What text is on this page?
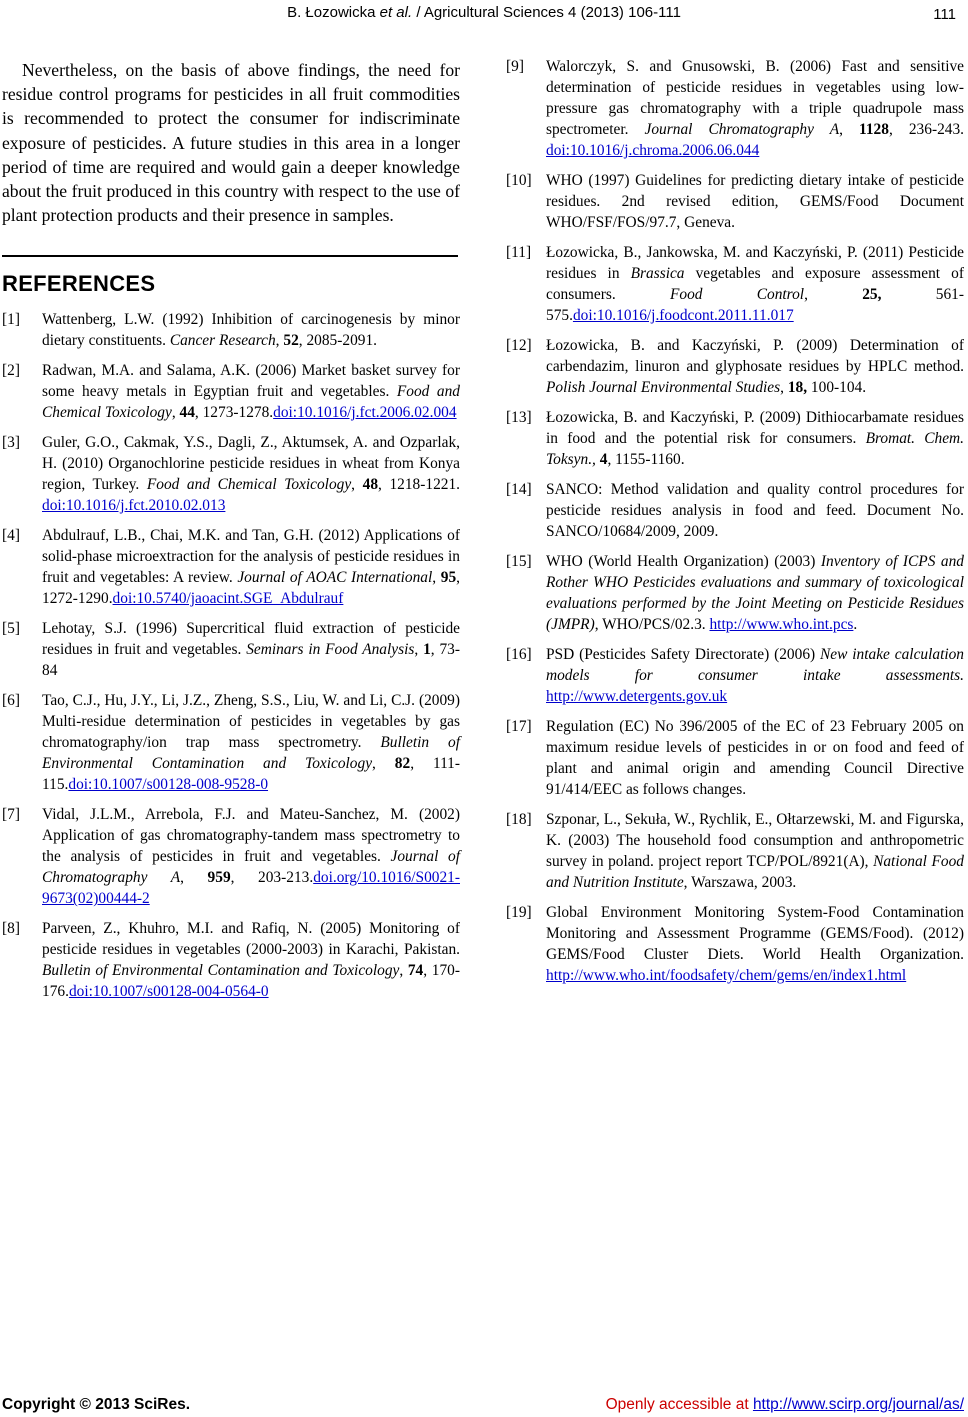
B. Łozowicka et al. / Agricultural Sciences 4 (2013) 106-111	111

Nevertheless, on the basis of above findings, the need for residue control programs for pesticides in all fruit commodities is recommended to protect the consumer for indiscriminate exposure of pesticides. A future studies in this area in a longer period of time are required and would gain a deeper knowledge about the fruit produced in this country with respect to the use of plant protection products and their presence in samples.

REFERENCES
[1]	Wattenberg, L.W. (1992) Inhibition of carcinogenesis by minor dietary constituents. Cancer Research, 52, 2085-2091.
[2]	Radwan, M.A. and Salama, A.K. (2006) Market basket survey for some heavy metals in Egyptian fruit and vegetables. Food and Chemical Toxicology, 44, 1273-1278.doi:10.1016/j.fct.2006.02.004
[3]	Guler, G.O., Cakmak, Y.S., Dagli, Z., Aktumsek, A. and Ozparlak, H. (2010) Organochlorine pesticide residues in wheat from Konya region, Turkey. Food and Chemical Toxicology, 48, 1218-1221. doi:10.1016/j.fct.2010.02.013
[4]	Abdulrauf, L.B., Chai, M.K. and Tan, G.H. (2012) Applications of solid-phase microextraction for the analysis of pesticide residues in fruit and vegetables: A review. Journal of AOAC International, 95, 1272-1290.doi:10.5740/jaoacint.SGE_Abdulrauf
[5]	Lehotay, S.J. (1996) Supercritical fluid extraction of pesticide residues in fruit and vegetables. Seminars in Food Analysis, 1, 73-84
[6]	Tao, C.J., Hu, J.Y., Li, J.Z., Zheng, S.S., Liu, W. and Li, C.J. (2009) Multi-residue determination of pesticides in vegetables by gas chromatography/ion trap mass spectrometry. Bulletin of Environmental Contamination and Toxicology, 82, 111-115.doi:10.1007/s00128-008-9528-0
[7]	Vidal, J.L.M., Arrebola, F.J. and Mateu-Sanchez, M. (2002) Application of gas chromatography-tandem mass spectrometry to the analysis of pesticides in fruit and vegetables. Journal of Chromatography A, 959, 203-213.doi.org/10.1016/S0021-9673(02)00444-2
[8]	Parveen, Z., Khuhro, M.I. and Rafiq, N. (2005) Monitoring of pesticide residues in vegetables (2000-2003) in Karachi, Pakistan. Bulletin of Environmental Contamination and Toxicology, 74, 170-176.doi:10.1007/s00128-004-0564-0
[9]	Walorczyk, S. and Gnusowski, B. (2006) Fast and sensitive determination of pesticide residues in vegetables using low-pressure gas chromatography with a triple quadrupole mass spectrometer. Journal Chromatography A, 1128, 236-243. doi:10.1016/j.chroma.2006.06.044
[10] WHO (1997) Guidelines for predicting dietary intake of pesticide residues. 2nd revised edition, GEMS/Food Document WHO/FSF/FOS/97.7, Geneva.
[11] Łozowicka, B., Jankowska, M. and Kaczyński, P. (2011) Pesticide residues in Brassica vegetables and exposure assessment of consumers. Food Control, 25, 561-575.doi:10.1016/j.foodcont.2011.11.017
[12] Łozowicka, B. and Kaczyński, P. (2009) Determination of carbendazim, linuron and glyphosate residues by HPLC method. Polish Journal Environmental Studies, 18, 100-104.
[13] Łozowicka, B. and Kaczyński, P. (2009) Dithiocarbamate residues in food and the potential risk for consumers. Bromat. Chem. Toksyn., 4, 1155-1160.
[14] SANCO: Method validation and quality control procedures for pesticide residues analysis in food and feed. Document No. SANCO/10684/2009, 2009.
[15] WHO (World Health Organization) (2003) Inventory of ICPS and Rother WHO Pesticides evaluations and summary of toxicological evaluations performed by the Joint Meeting on Pesticide Residues (JMPR), WHO/PCS/02.3. http://www.who.int.pcs.
[16] PSD (Pesticides Safety Directorate) (2006) New intake calculation models for consumer intake assessments. http://www.detergents.gov.uk
[17] Regulation (EC) No 396/2005 of the EC of 23 February 2005 on maximum residue levels of pesticides in or on food and feed of plant and animal origin and amending Council Directive 91/414/EEC as follows changes.
[18] Szponar, L., Sekuła, W., Rychlik, E., Ołtarzewski, M. and Figurska, K. (2003) The household food consumption and anthropometric survey in poland. project report TCP/POL/8921(A), National Food and Nutrition Institute, Warszawa, 2003.
[19] Global Environment Monitoring System-Food Contamination Monitoring and Assessment Programme (GEMS/Food). (2012) GEMS/Food Cluster Diets. World Health Organization. http://www.who.int/foodsafety/chem/gems/en/index1.html
Copyright © 2013 SciRes.	Openly accessible at http://www.scirp.org/journal/as/
